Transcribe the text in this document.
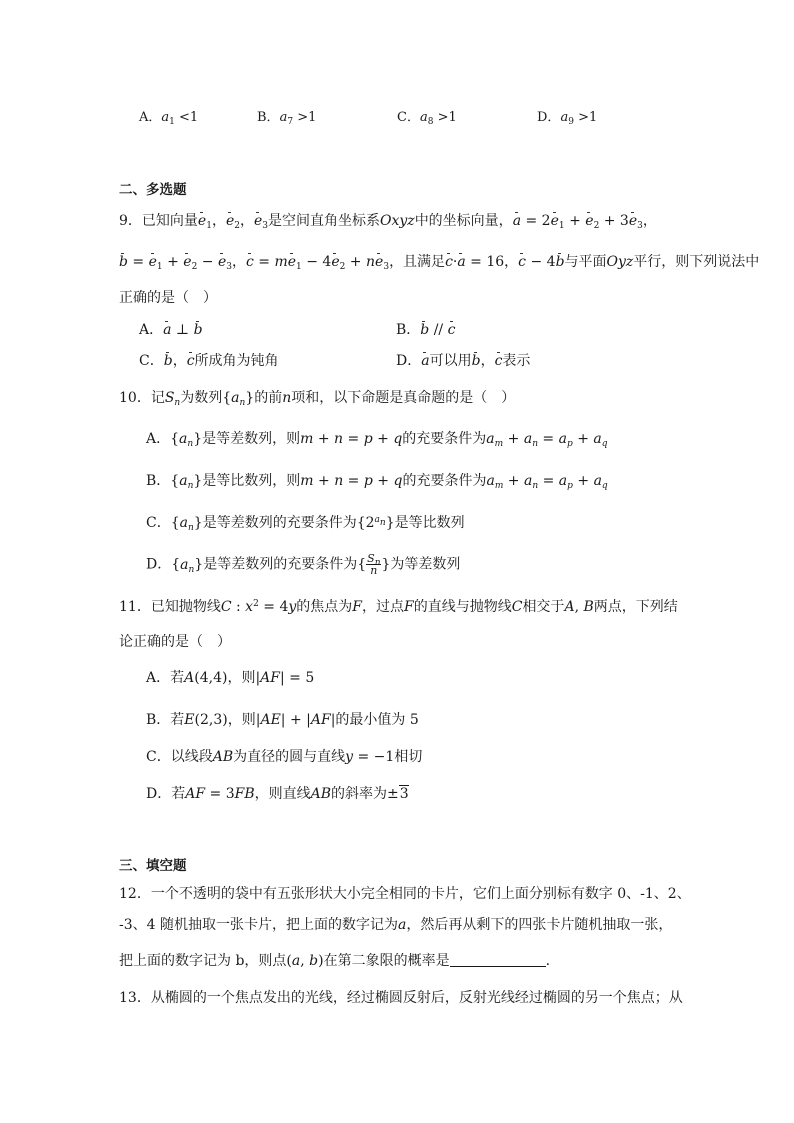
A．$a_1 <1$	B．$a_7 >1$	C．$a_8 >1$	D．$a_9 >1$
二、多选题
9．已知向量$e_1$，$e_2$，$e_3$是空间直角坐标系Oxyz中的坐标向量，$a = 2e_1 + e_2 + 3e_3$，
$b = e_1 + e_2 - e_3$，$c = me_1 - 4e_2 + ne_3$，且满足c·a = 16，c − 4b与平面Oyz平行，则下列说法中
正确的是（　）
A．a ⊥ b	B．b // c
C．b，c所成角为钝角	D．a可以用b，c表示
10．记$S_n$为数列$\{a_n\}$的前n项和，以下命题是真命题的是（　）
A．$\{a_n\}$是等差数列，则m + n = p + q的充要条件为$a_m + a_n = a_p + a_q$
B．$\{a_n\}$是等比数列，则m + n = p + q的充要条件为$a_m + a_n = a_p + a_q$
C．$\{a_n\}$是等差数列的充要条件为$\{2^{a_n}\}$是等比数列
D．$\{a_n\}$是等差数列的充要条件为{ $\frac{S_n}{n}$ }为等差数列
11．已知抛物线C : $x^2 = 4y$的焦点为F，过点F的直线与抛物线C相交于A, B两点，下列结
论正确的是（　）
A．若A(4,4)，则|AF| = 5
B．若E(2,3)，则|AE| + |AF|的最小值为 5
C．以线段AB为直径的圆与直线y = −1相切
D．若AF = 3FB，则直线AB的斜率为±3
三、填空题
12．一个不透明的袋中有五张形状大小完全相同的卡片，它们上面分别标有数字 0、-1、2、
-3、4 随机抽取一张卡片，把上面的数字记为a，然后再从剩下的四张卡片随机抽取一张，
把上面的数字记为 b，则点(a, b)在第二象限的概率是	.
13．从椭圆的一个焦点发出的光线，经过椭圆反射后，反射光线经过椭圆的另一个焦点；从
